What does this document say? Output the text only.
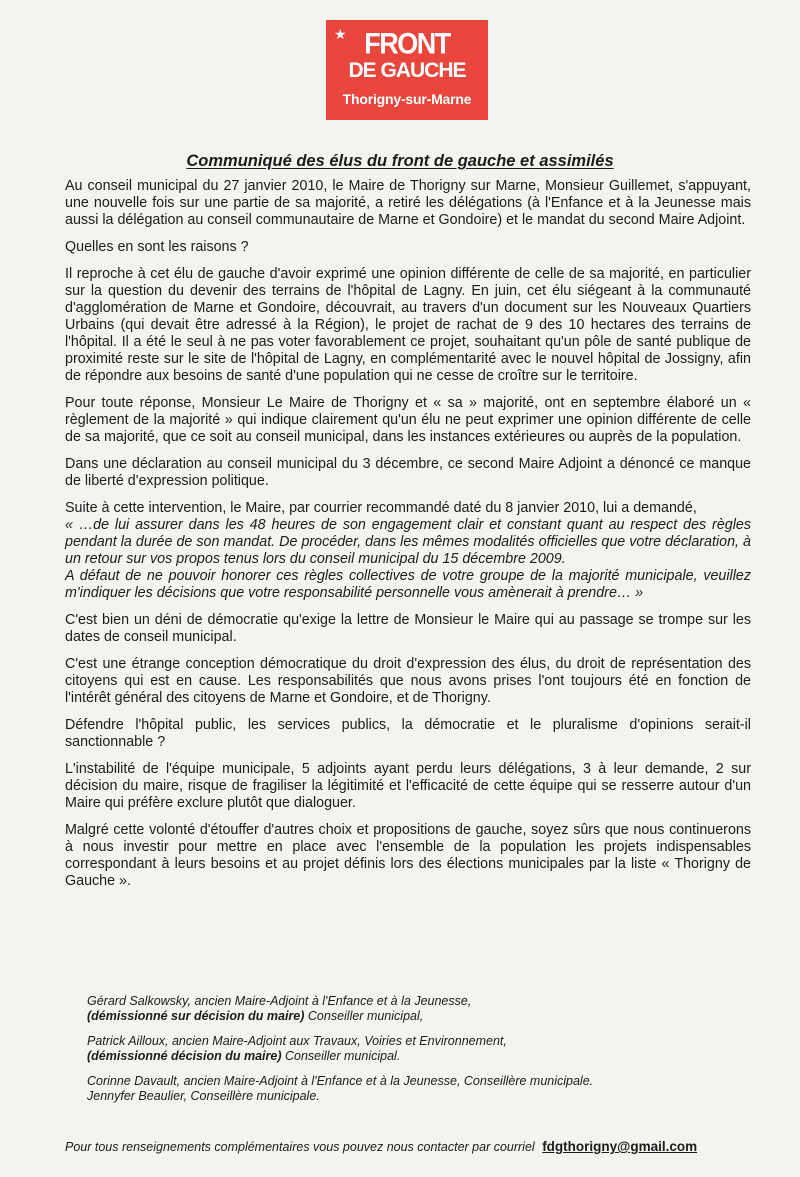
★ FRONT
DE GAUCHE
Thorigny-sur-Marne
Communiqué des élus du front de gauche et assimilés

Au conseil municipal du 27 janvier 2010, le Maire de Thorigny sur Marne, Monsieur Guillemet, s'appuyant, une nouvelle fois sur une partie de sa majorité, a retiré les délégations (à l'Enfance et à la Jeunesse mais aussi la délégation au conseil communautaire de Marne et Gondoire) et le mandat du second Maire Adjoint.

Quelles en sont les raisons ?

Il reproche à cet élu de gauche d'avoir exprimé une opinion différente de celle de sa majorité, en particulier sur la question du devenir des terrains de l'hôpital de Lagny. En juin, cet élu siégeant à la communauté d'agglomération de Marne et Gondoire, découvrait, au travers d'un document sur les Nouveaux Quartiers Urbains (qui devait être adressé à la Région), le projet de rachat de 9 des 10 hectares des terrains de l'hôpital. Il a été le seul à ne pas voter favorablement ce projet, souhaitant qu'un pôle de santé publique de proximité reste sur le site de l'hôpital de Lagny, en complémentarité avec le nouvel hôpital de Jossigny, afin de répondre aux besoins de santé d'une population qui ne cesse de croître sur le territoire.

Pour toute réponse, Monsieur Le Maire de Thorigny et « sa » majorité, ont en septembre élaboré un « règlement de la majorité » qui indique clairement qu'un élu ne peut exprimer une opinion différente de celle de sa majorité, que ce soit au conseil municipal, dans les instances extérieures ou auprès de la population.

Dans une déclaration au conseil municipal du 3 décembre, ce second Maire Adjoint a dénoncé ce manque de liberté d'expression politique.

Suite à cette intervention, le Maire, par courrier recommandé daté du 8 janvier 2010, lui a demandé,

« …de lui assurer dans les 48 heures de son engagement clair et constant quant au respect des règles pendant la durée de son mandat. De procéder, dans les mêmes modalités officielles que votre déclaration, à un retour sur vos propos tenus lors du conseil municipal du 15 décembre 2009.

A défaut de ne pouvoir honorer ces règles collectives de votre groupe de la majorité municipale, veuillez m'indiquer les décisions que votre responsabilité personnelle vous amènerait à prendre… »

C'est bien un déni de démocratie qu'exige la lettre de Monsieur le Maire qui au passage se trompe sur les dates de conseil municipal.

C'est une étrange conception démocratique du droit d'expression des élus, du droit de représentation des citoyens qui est en cause. Les responsabilités que nous avons prises l'ont toujours été en fonction de l'intérêt général des citoyens de Marne et Gondoire, et de Thorigny.

Défendre l'hôpital public, les services publics, la démocratie et le pluralisme d'opinions serait-il sanctionnable ?

L'instabilité de l'équipe municipale, 5 adjoints ayant perdu leurs délégations, 3 à leur demande, 2 sur décision du maire, risque de fragiliser la légitimité et l'efficacité de cette équipe qui se resserre autour d'un Maire qui préfère exclure plutôt que dialoguer.

Malgré cette volonté d'étouffer d'autres choix et propositions de gauche, soyez sûrs que nous continuerons à nous investir pour mettre en place avec l'ensemble de la population les projets indispensables correspondant à leurs besoins et au projet définis lors des élections municipales par la liste « Thorigny de Gauche ».

Gérard Salkowsky, ancien Maire-Adjoint à l'Enfance et à la Jeunesse,
(démissionné sur décision du maire) Conseiller municipal,
Patrick Ailloux, ancien Maire-Adjoint aux Travaux, Voiries et Environnement,
(démissionné décision du maire) Conseiller municipal.
Corinne Davault, ancien Maire-Adjoint à l'Enfance et à la Jeunesse, Conseillère municipale.
Jennyfer Beaulier, Conseillère municipale.
Pour tous renseignements complémentaires vous pouvez nous contacter par courriel fdgthorigny@gmail.com
